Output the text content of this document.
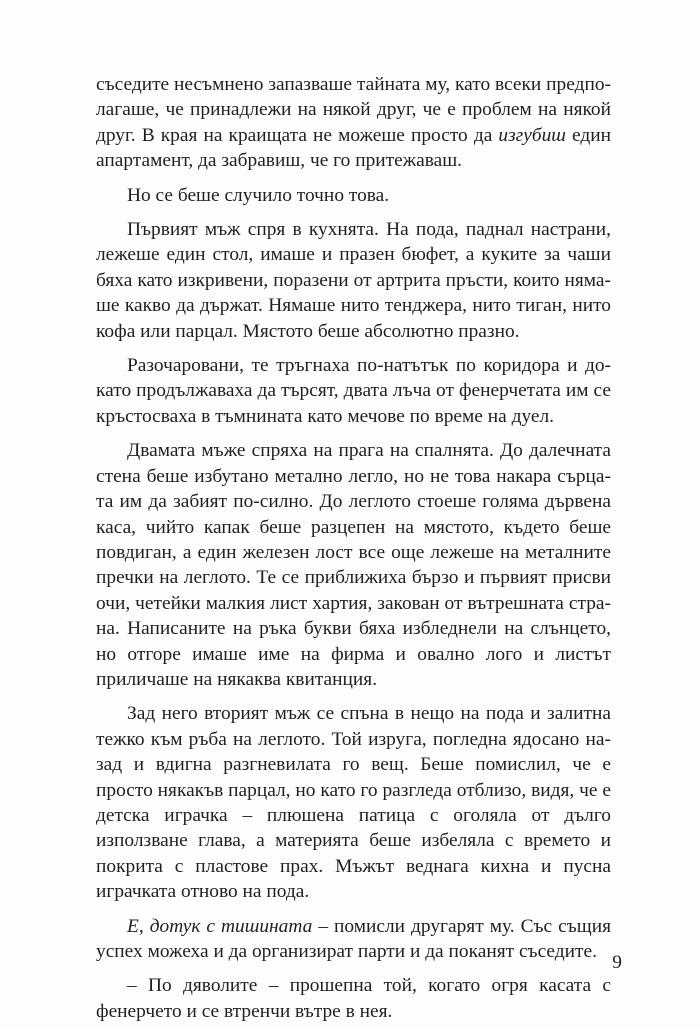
съседите несъмнено запазваше тайната му, като всеки предполагаше, че принадлежи на някой друг, че е проблем на някой друг. В края на краищата не можеше просто да изгубиш един апартамент, да забравиш, че го притежаваш.

Но се беше случило точно това.

Първият мъж спря в кухнята. На пода, паднал настрани, лежеше един стол, имаше и празен бюфет, а куките за чаши бяха като изкривени, поразени от артрита пръсти, които нямаше какво да държат. Нямаше нито тенджера, нито тиган, нито кофа или парцал. Мястото беше абсолютно празно.

Разочаровани, те тръгнаха по-натътък по коридора и докато продължаваха да търсят, двата лъча от фенерчетата им се кръстосваха в тъмнината като мечове по време на дуел.

Двамата мъже спряха на прага на спалнята. До далечната стена беше избутано метално легло, но не това накара сърцата им да забият по-силно. До леглото стоеше голяма дървена каса, чийто капак беше разцепен на мястото, където беше повдиган, а един железен лост все още лежеше на металните пречки на леглото. Те се приближиха бързо и първият присви очи, четейки малкия лист хартия, закован от вътрешната страна. Написаните на ръка букви бяха избледнели на слънцето, но отгоре имаше име на фирма и овално лого и листът приличаше на някаква квитанция.

Зад него вторият мъж се спъна в нещо на пода и залитна тежко към ръба на леглото. Той изруга, погледна ядосано назад и вдигна разгневилата го вещ. Беше помислил, че е просто някакъв парцал, но като го разгледа отблизо, видя, че е детска играчка – плюшена патица с оголяла от дълго използване глава, а материята беше избеляла с времето и покрита с пластове прах. Мъжът веднага кихна и пусна играчката отново на пода.

Е, дотук с тишината – помисли другарят му. Със същия успех можеха и да организират парти и да поканят съседите.

– По дяволите – прошепна той, когато огря касата с фенерчето и се втренчи вътре в нея.

9
